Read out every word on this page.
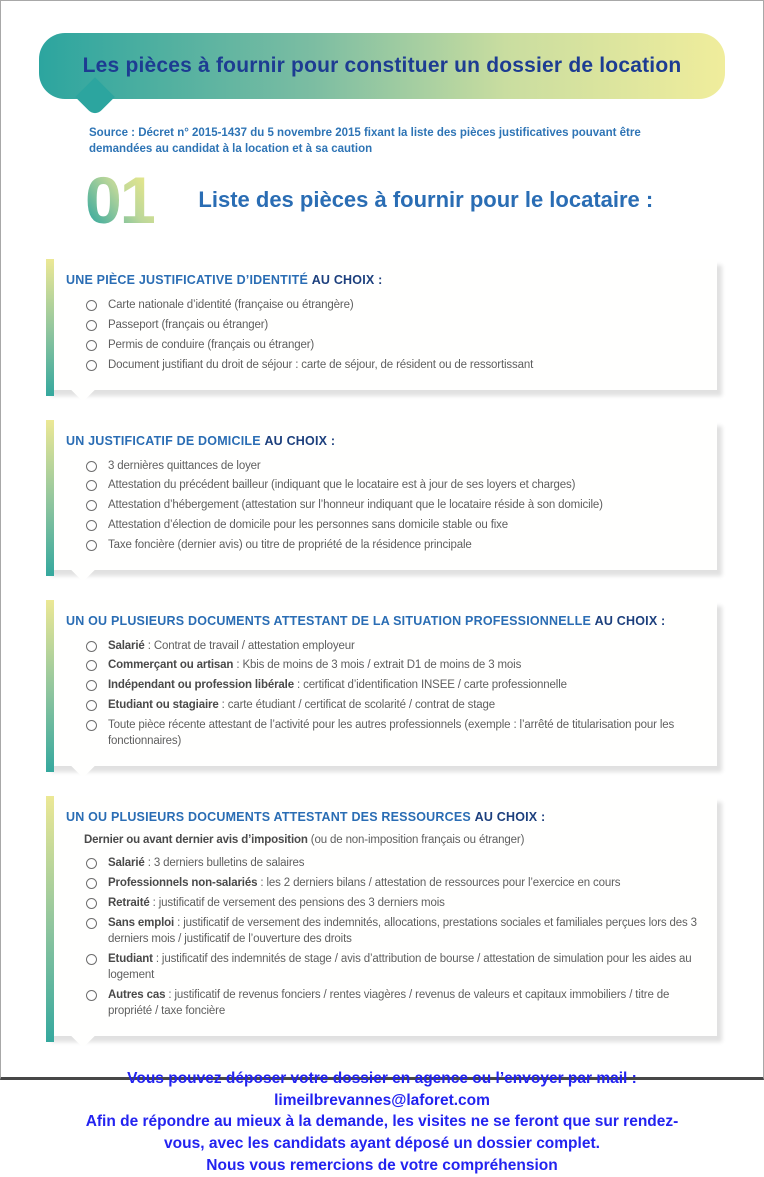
Les pièces à fournir pour constituer un dossier de location

Source : Décret n° 2015-1437 du 5 novembre 2015 fixant la liste des pièces justificatives pouvant être demandées au candidat à la location et à sa caution

01 Liste des pièces à fournir pour le locataire :
UNE PIÈCE JUSTIFICATIVE D’IDENTITÉ AU CHOIX :
Carte nationale d’identité (française ou étrangère)
Passeport (français ou étranger)
Permis de conduire (français ou étranger)
Document justifiant du droit de séjour : carte de séjour, de résident ou de ressortissant
UN JUSTIFICATIF DE DOMICILE AU CHOIX :
3 dernières quittances de loyer
Attestation du précédent bailleur (indiquant que le locataire est à jour de ses loyers et charges)
Attestation d’hébergement (attestation sur l’honneur indiquant que le locataire réside à son domicile)
Attestation d’élection de domicile pour les personnes sans domicile stable ou fixe
Taxe foncière (dernier avis) ou titre de propriété de la résidence principale
UN OU PLUSIEURS DOCUMENTS ATTESTANT DE LA SITUATION PROFESSIONNELLE AU CHOIX :
Salarié : Contrat de travail / attestation employeur
Commerçant ou artisan : Kbis de moins de 3 mois / extrait D1 de moins de 3 mois
Indépendant ou profession libérale : certificat d’identification INSEE / carte professionnelle
Etudiant ou stagiaire : carte étudiant / certificat de scolarité / contrat de stage
Toute pièce récente attestant de l’activité pour les autres professionnels (exemple : l’arrêté de titularisation pour les fonctionnaires)
UN OU PLUSIEURS DOCUMENTS ATTESTANT DES RESSOURCES AU CHOIX :

Dernier ou avant dernier avis d’imposition (ou de non-imposition français ou étranger)

Salarié : 3 derniers bulletins de salaires
Professionnels non-salariés : les 2 derniers bilans / attestation de ressources pour l’exercice en cours
Retraité : justificatif de versement des pensions des 3 derniers mois
Sans emploi : justificatif de versement des indemnités, allocations, prestations sociales et familiales perçues lors des 3 derniers mois / justificatif de l’ouverture des droits
Etudiant : justificatif des indemnités de stage / avis d’attribution de bourse / attestation de simulation pour les aides au logement
Autres cas : justificatif de revenus fonciers / rentes viagères / revenus de valeurs et capitaux immobiliers / titre de propriété / taxe foncière

Vous pouvez déposer votre dossier en agence ou l’envoyer par mail :

limeilbrevannes@laforet.com

Afin de répondre au mieux à la demande, les visites ne se feront que sur rendez-vous, avec les candidats ayant déposé un dossier complet.

Nous vous remercions de votre compréhension
